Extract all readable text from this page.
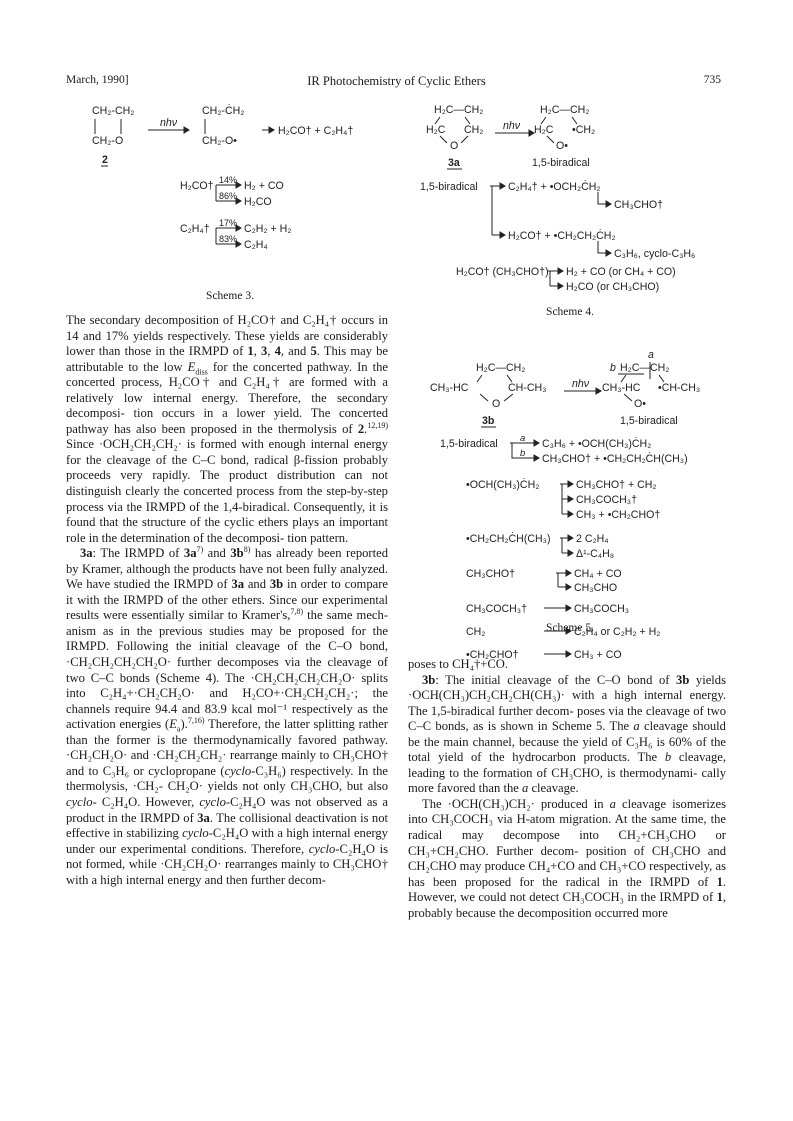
March, 1990]	IR Photochemistry of Cyclic Ethers	735
CH₂-CH₂
CH₂-O
2
nhν
CH₂-ĊH₂
CH₂-O•
H₂CO† + C₂H₄†
H₂CO† 14%
86%
H₂ + CO
H₂CO
C₂H₄† 17%
83%
C₂H₂ + H₂
C₂H₄
Scheme 3.
H₂C—CH₂
H₂C CH₂
O
nhν
H₂C—CH₂
H₂C •CH₂
O•
3a	1,5-biradical
1,5-biradical	C₂H₄† + •OCH₂ĊH₂
CH₃CHO†
H₂CO† + •CH₂CH₂ĊH₂
C₃H₆, cyclo-C₃H₆
H₂CO† (CH₃CHO†) H₂ + CO (or CH₄ + CO)
H₂CO (or CH₃CHO)
Scheme 4.
H₂C—CH₂
CH₃-HC	CH-CH₃
O
nhν
a
b H₂C—CH₂
CH₃-HC •CH-CH₃
O•
3b	1,5-biradical
1,5-biradical a C₃H₆ + •OCH(CH₃)ĊH₂
b CH₃CHO† + •CH₂CH₂ĊH(CH₃)
•OCH(CH₃)ĊH₂	CH₃CHO† + CH₂
CH₃COCH₃†
CH₃ + •CH₂CHO†
•CH₂CH₂ĊH(CH₃) 2 C₂H₄
Δ¹-C₄H₈
CH₃CHO†	CH₄ + CO
CH₃CHO
CH₃COCH₃†	CH₃COCH₃
CH₂	C₂H₄ or C₂H₂ + H₂
•CH₂CHO†	CH₃ + CO
Scheme 5.

The secondary decomposition of H₂CO† and C₂H₄† occurs in 14 and 17% yields respectively. These yields are considerably lower than those in the IRMPD of 1, 3, 4, and 5. This may be attributable to the low $E_{diss}$ for the concerted pathway. In the concerted process, H₂CO† and C₂H₄† are formed with a relatively low internal energy. Therefore, the secondary decomposi- tion occurs in a lower yield. The concerted pathway has also been proposed in the thermolysis of 2.$^{12,19)}$ Since ·OCH₂CH₂CH₂· is formed with enough internal energy for the cleavage of the C–C bond, radical β-fission probably proceeds very rapidly. The product distribution can not distinguish clearly the concerted process from the step-by-step process via the IRMPD of the 1,4-biradical. Consequently, it is found that the structure of the cyclic ethers plays an important role in the determination of the decomposi- tion pattern.

3a: The IRMPD of $3a^{7)}$ and $3b^{8)}$ has already been reported by Kramer, although the products have not been fully analyzed. We have studied the IRMPD of 3a and 3b in order to compare it with the IRMPD of the other ethers. Since our experimental results were essentially similar to Kramer's,$^{7,8)}$ the same mech- anism as in the previous studies may be proposed for the IRMPD. Following the initial cleavage of the C–O bond, ·CH₂CH₂CH₂CH₂O· further decomposes via the cleavage of two C–C bonds (Scheme 4). The ·CH₂CH₂CH₂CH₂O· splits into C₂H₄+·CH₂CH₂O· and H₂CO+·CH₂CH₂CH₂·; the channels require 94.4 and 83.9 kcal mol⁻¹ respectively as the activation energies $(E_a).^{7,16)}$ Therefore, the latter splitting rather than the former is the thermodynamically favored pathway. ·CH₂CH₂O· and ·CH₂CH₂CH₂· rearrange mainly to CH₃CHO† and to C₃H₆ or cyclopropane (cyclo-C₃H₆) respectively. In the thermolysis, ·CH₂- CH₂O· yields not only CH₃CHO, but also cyclo- C₂H₄O. However, cyclo-C₂H₄O was not observed as a product in the IRMPD of 3a. The collisional deactivation is not effective in stabilizing cyclo-C₂H₄O with a high internal energy under our experimental conditions. Therefore, cyclo-C₂H₄O is not formed, while ·CH₂CH₂O· rearranges mainly to CH₃CHO† with a high internal energy and then further decom-

poses to CH₄†+CO.

3b: The initial cleavage of the C–O bond of 3b yields ·OCH(CH₃)CH₂CH₂CH(CH₃)· with a high internal energy. The 1,5-biradical further decom- poses via the cleavage of two C–C bonds, as is shown in Scheme 5. The a cleavage should be the main channel, because the yield of C₃H₆ is 60% of the total yield of the hydrocarbon products. The b cleavage, leading to the formation of CH₃CHO, is thermodynami- cally more favored than the a cleavage.

The ·OCH(CH₃)CH₂· produced in a cleavage isomerizes into CH₃COCH₃ via H-atom migration. At the same time, the radical may decompose into CH₂+CH₃CHO or CH₃+CH₂CHO. Further decom- position of CH₃CHO and CH₂CHO may produce CH₄+CO and CH₃+CO respectively, as has been proposed for the radical in the IRMPD of 1. However, we could not detect CH₃COCH₃ in the IRMPD of 1, probably because the decomposition occurred more
